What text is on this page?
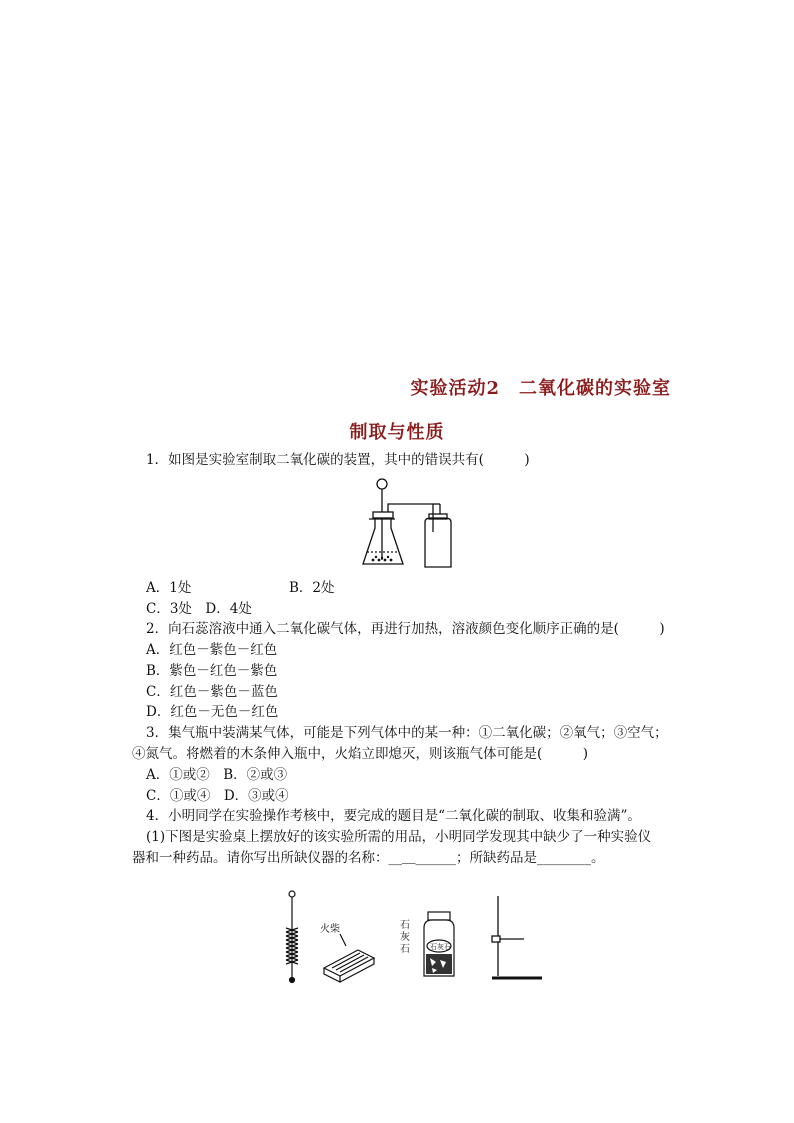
实验活动2　二氧化碳的实验室
制取与性质
1．如图是实验室制取二氧化碳的装置，其中的错误共有(　　　)
A．1处	B．2处
C．3处　D．4处
2．向石蕊溶液中通入二氧化碳气体，再进行加热，溶液颜色变化顺序正确的是(　　　)
A．红色－紫色－红色
B．紫色－红色－紫色
C．红色－紫色－蓝色
D．红色－无色－红色
3．集气瓶中装满某气体，可能是下列气体中的某一种：①二氧化碳；②氧气；③空气；
④氮气。将燃着的木条伸入瓶中，火焰立即熄灭，则该瓶气体可能是(　　　)
A．①或②　B．②或③
C．①或④　D．③或④
4．小明同学在实验操作考核中，要完成的题目是“二氧化碳的制取、收集和验满”。
(1)下图是实验桌上摆放好的该实验所需的用品，小明同学发现其中缺少了一种实验仪
器和一种药品。请你写出所缺仪器的名称：__＿______；所缺药品是________。
火柴	石
灰
石	石灰石
